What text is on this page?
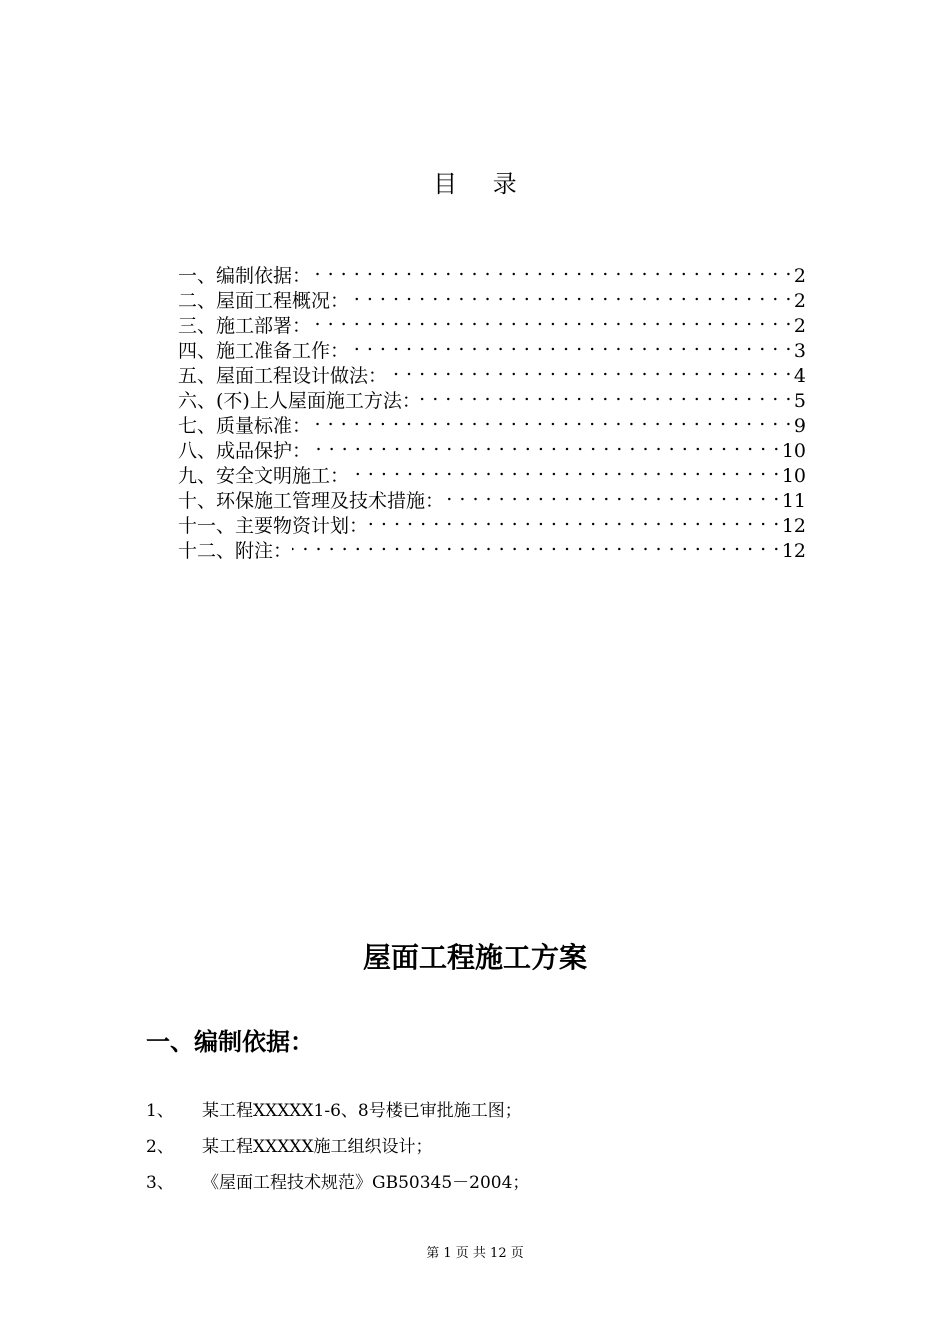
目 录
一、编制依据： . . .	2
二、屋面工程概况： . . .	2
三、施工部署： . . .	2
四、施工准备工作： . . .	3
五、屋面工程设计做法： . . .	4
六、(不)上人屋面施工方法： . . .	5
七、质量标准： . . .	9
八、成品保护： . . .	10
九、安全文明施工： . . .	10
十、环保施工管理及技术措施： . . .	11
十一、主要物资计划： . . .	12
十二、附注： . . .	12
屋面工程施工方案
一、编制依据：
1、	某工程XXXXX1-6、8号楼已审批施工图；
2、	某工程XXXXX施工组织设计；
3、	《屋面工程技术规范》GB50345－2004；
第 1 页 共 12 页
